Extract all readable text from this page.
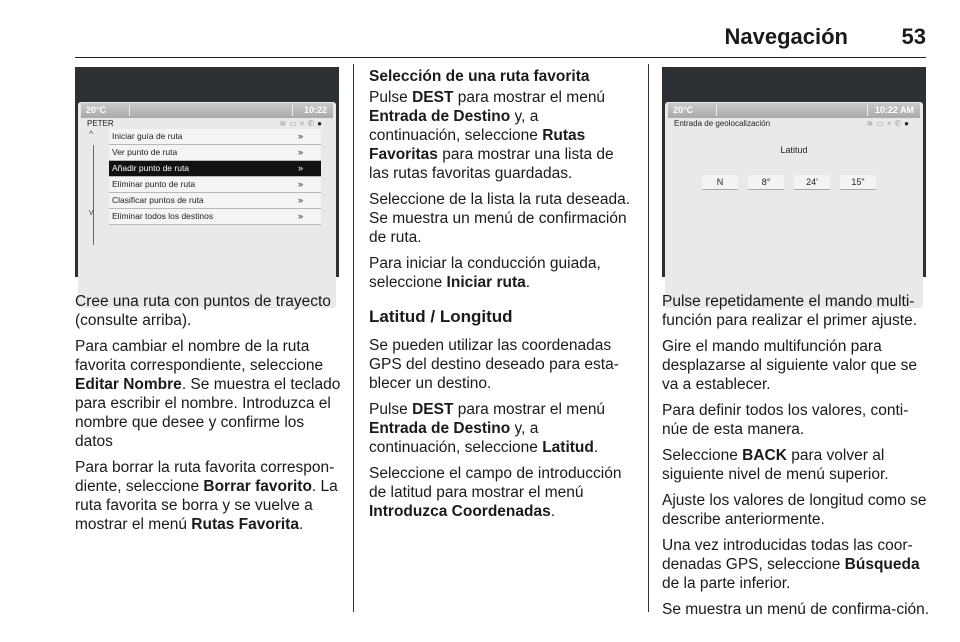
Navegación 53
20°C	10:22
PETER	≋▭×✆●
^
v
Iniciar guía de ruta	»
Ver punto de ruta	»
Añadir punto de ruta	»
Eliminar punto de ruta	»
Clasificar puntos de ruta	»
Eliminar todos los destinos	»
20°C	10:22 AM
Entrada de geolocalización	≋▭×✆●
Latitud
N	8°	24'	15"

Cree una ruta con puntos de trayecto (consulte arriba).

Para cambiar el nombre de la ruta favorita correspondiente, seleccione Editar Nombre. Se muestra el teclado para escribir el nombre. Introduzca el nombre que desee y confirme los datos

Para borrar la ruta favorita correspon-diente, seleccione Borrar favorito. La ruta favorita se borra y se vuelve a mostrar el menú Rutas Favorita.

Selección de una ruta favorita

Pulse DEST para mostrar el menú Entrada de Destino y, a continuación, seleccione Rutas Favoritas para mostrar una lista de las rutas favoritas guardadas.

Seleccione de la lista la ruta deseada. Se muestra un menú de confirmación de ruta.

Para iniciar la conducción guiada, seleccione Iniciar ruta.

Latitud / Longitud

Se pueden utilizar las coordenadas GPS del destino deseado para esta-blecer un destino.

Pulse DEST para mostrar el menú Entrada de Destino y, a continuación, seleccione Latitud.

Seleccione el campo de introducción de latitud para mostrar el menú Introduzca Coordenadas.

Pulse repetidamente el mando multi-función para realizar el primer ajuste.

Gire el mando multifunción para desplazarse al siguiente valor que se va a establecer.

Para definir todos los valores, conti-núe de esta manera.

Seleccione BACK para volver al siguiente nivel de menú superior.

Ajuste los valores de longitud como se describe anteriormente.

Una vez introducidas todas las coor-denadas GPS, seleccione Búsqueda de la parte inferior.

Se muestra un menú de confirma-ción.
